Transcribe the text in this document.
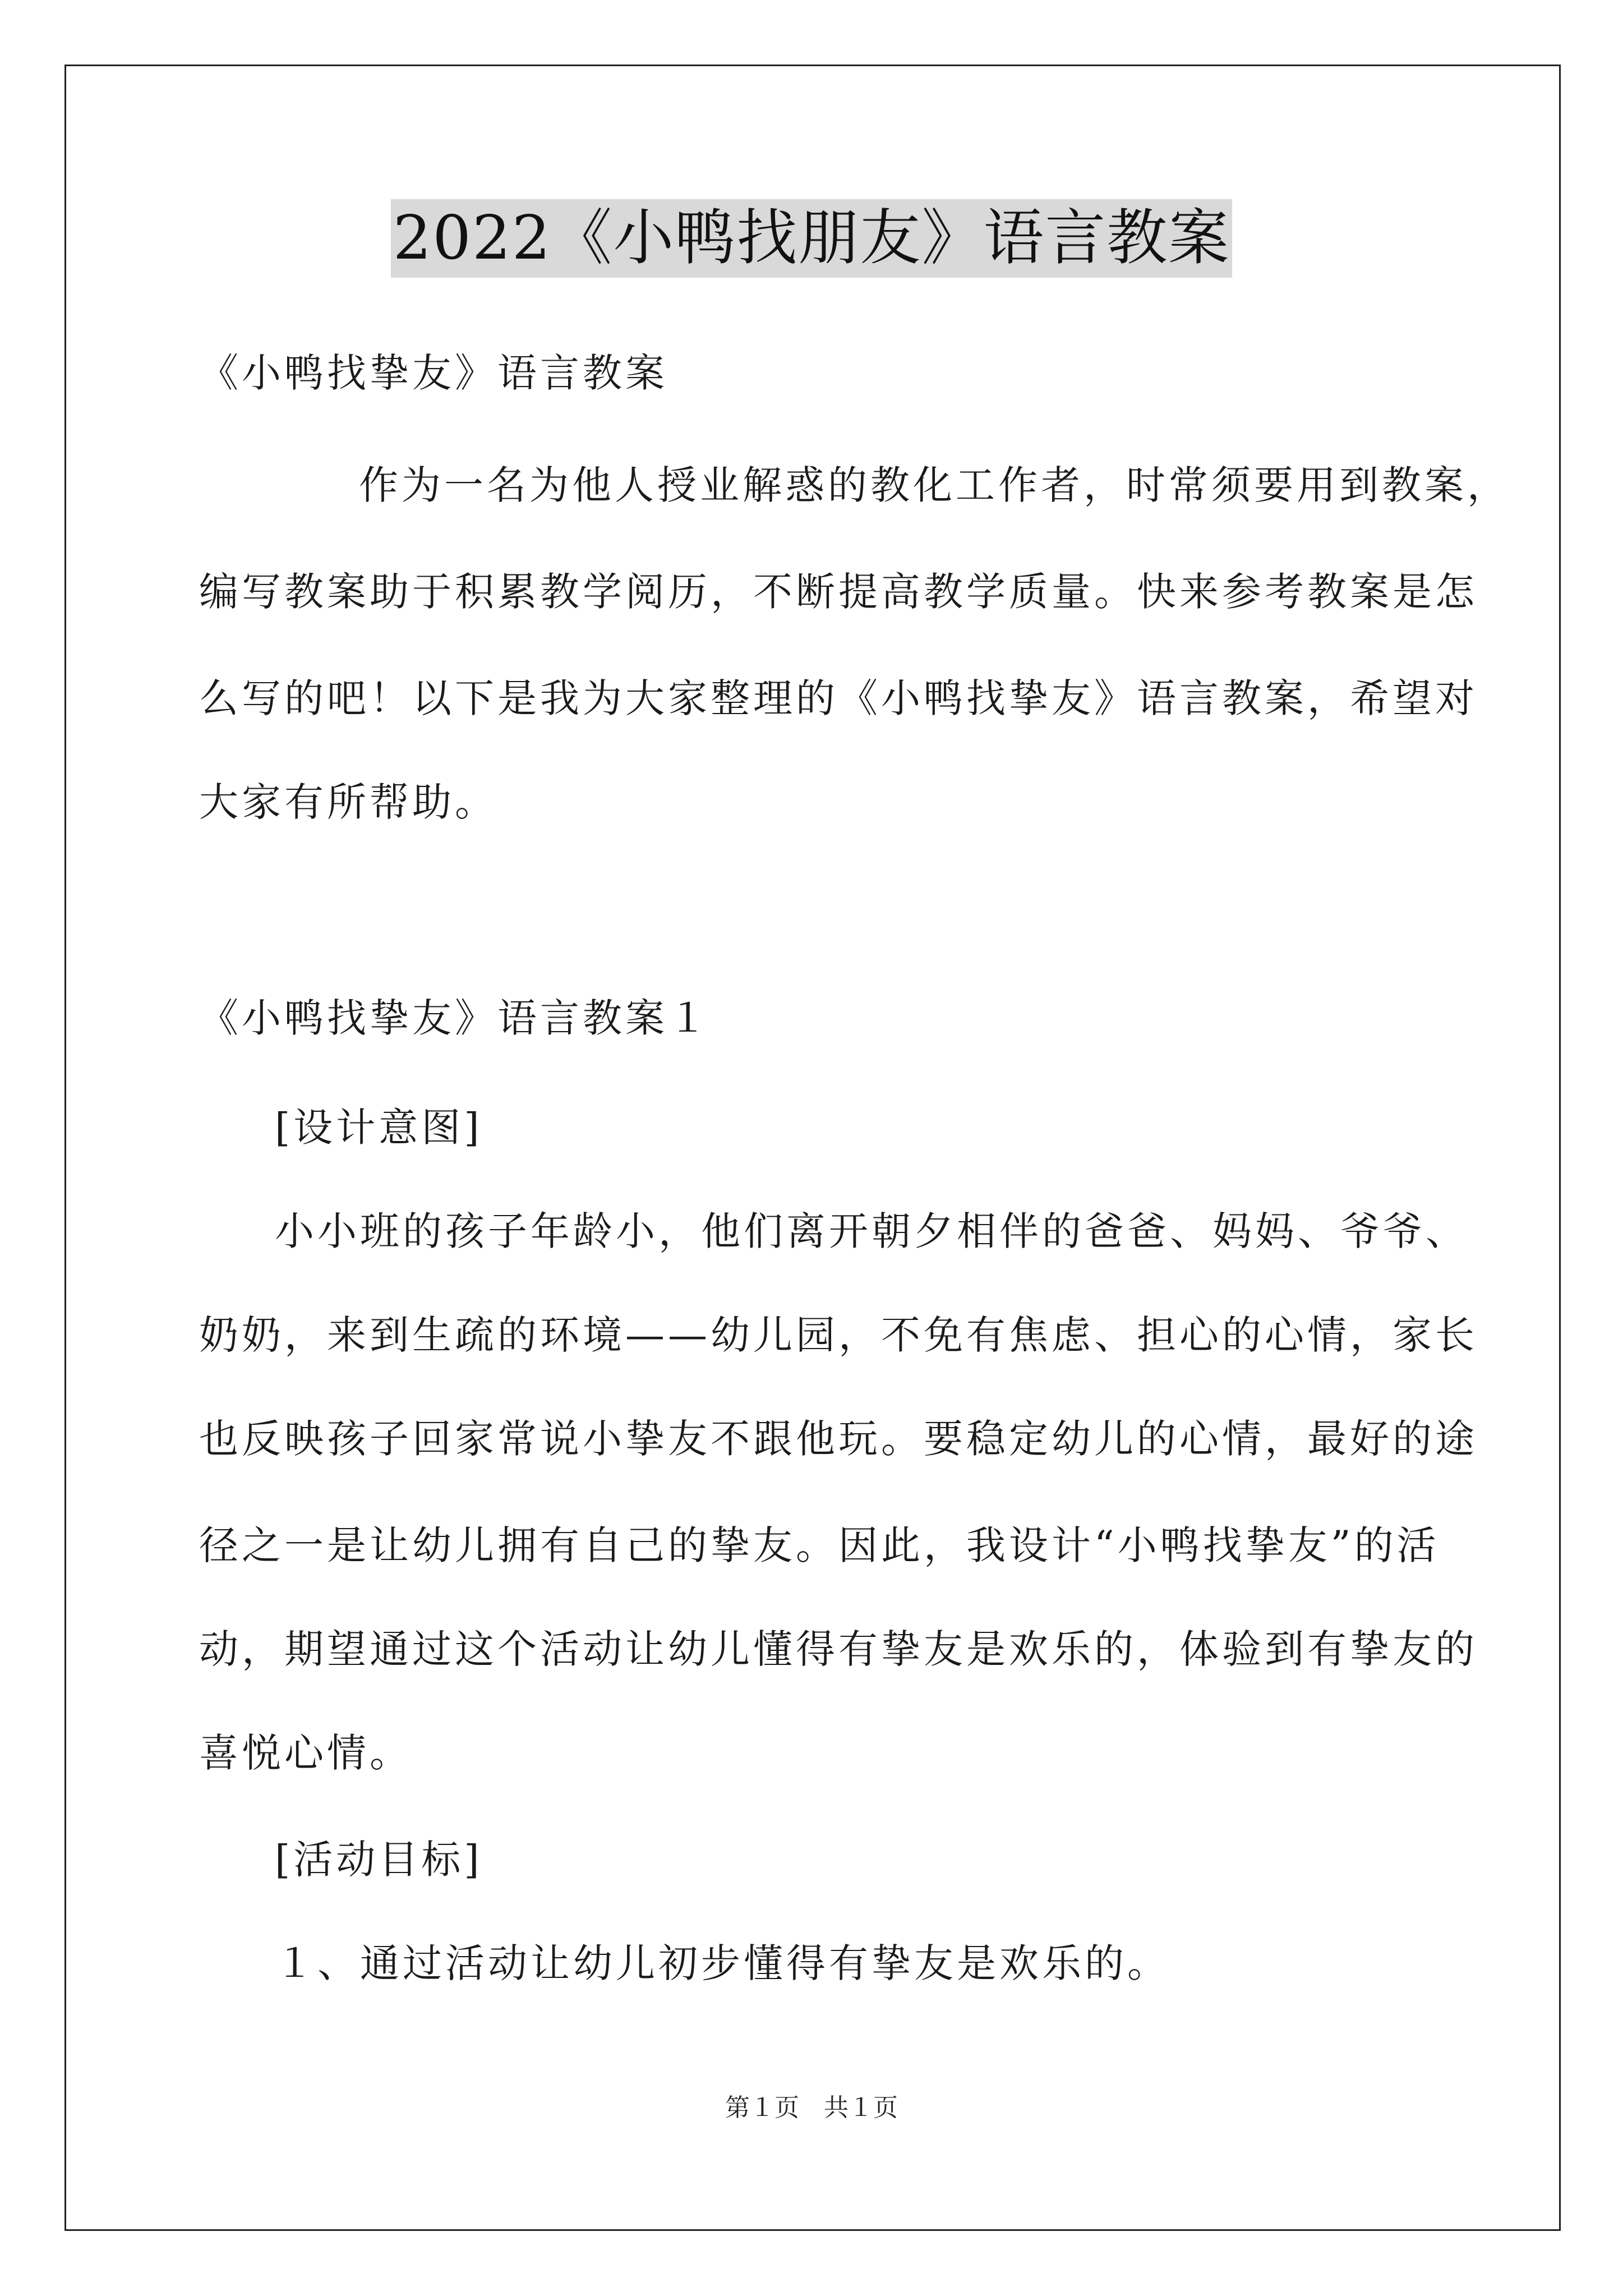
2022《小鸭找朋友》语言教案
《小鸭找挚友》语言教案
作为一名为他人授业解惑的教化工作者，时常须要用到教案，
编写教案助于积累教学阅历，不断提高教学质量。快来参考教案是怎
么写的吧！以下是我为大家整理的《小鸭找挚友》语言教案，希望对
大家有所帮助。
《小鸭找挚友》语言教案１
[设计意图]
小小班的孩子年龄小，他们离开朝夕相伴的爸爸、妈妈、爷爷、
奶奶，来到生疏的环境——幼儿园，不免有焦虑、担心的心情，家长
也反映孩子回家常说小挚友不跟他玩。要稳定幼儿的心情，最好的途
径之一是让幼儿拥有自己的挚友。因此，我设计“小鸭找挚友”的活
动，期望通过这个活动让幼儿懂得有挚友是欢乐的，体验到有挚友的
喜悦心情。
[活动目标]
１、通过活动让幼儿初步懂得有挚友是欢乐的。
第１页　共１页
